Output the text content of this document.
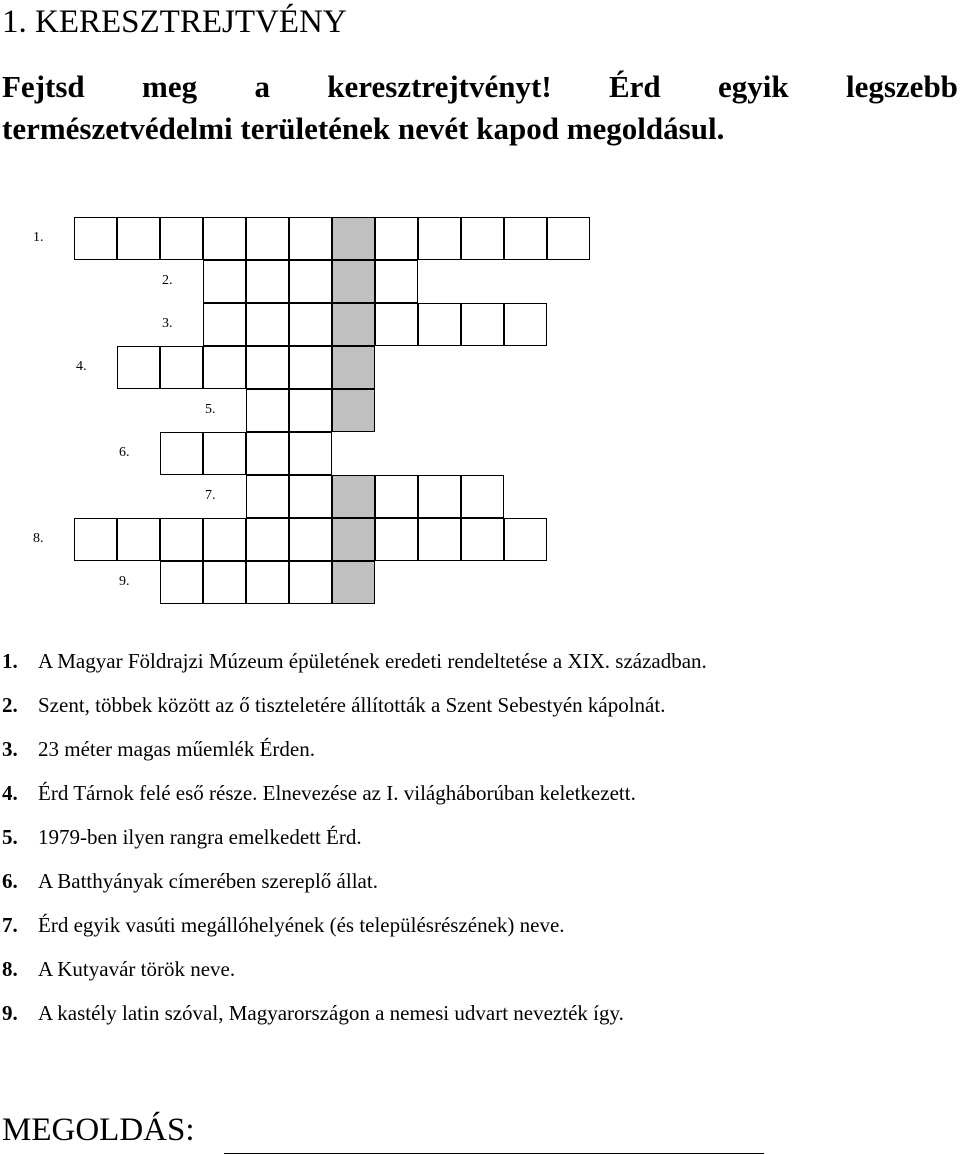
1. KERESZTREJTVÉNY
Fejtsd meg a keresztrejtvényt! Érd egyik legszebb
természetvédelmi területének nevét kapod megoldásul.
1.
2.
3.
4.
5.
6.
7.
8.
9.
1. A Magyar Földrajzi Múzeum épületének eredeti rendeltetése a XIX. században.
2. Szent, többek között az ő tiszteletére állították a Szent Sebestyén kápolnát.
3. 23 méter magas műemlék Érden.
4. Érd Tárnok felé eső része. Elnevezése az I. világháborúban keletkezett.
5. 1979-ben ilyen rangra emelkedett Érd.
6. A Batthyányak címerében szereplő állat.
7. Érd egyik vasúti megállóhelyének (és településrészének) neve.
8. A Kutyavár török neve.
9. A kastély latin szóval, Magyarországon a nemesi udvart nevezték így.
MEGOLDÁS:
